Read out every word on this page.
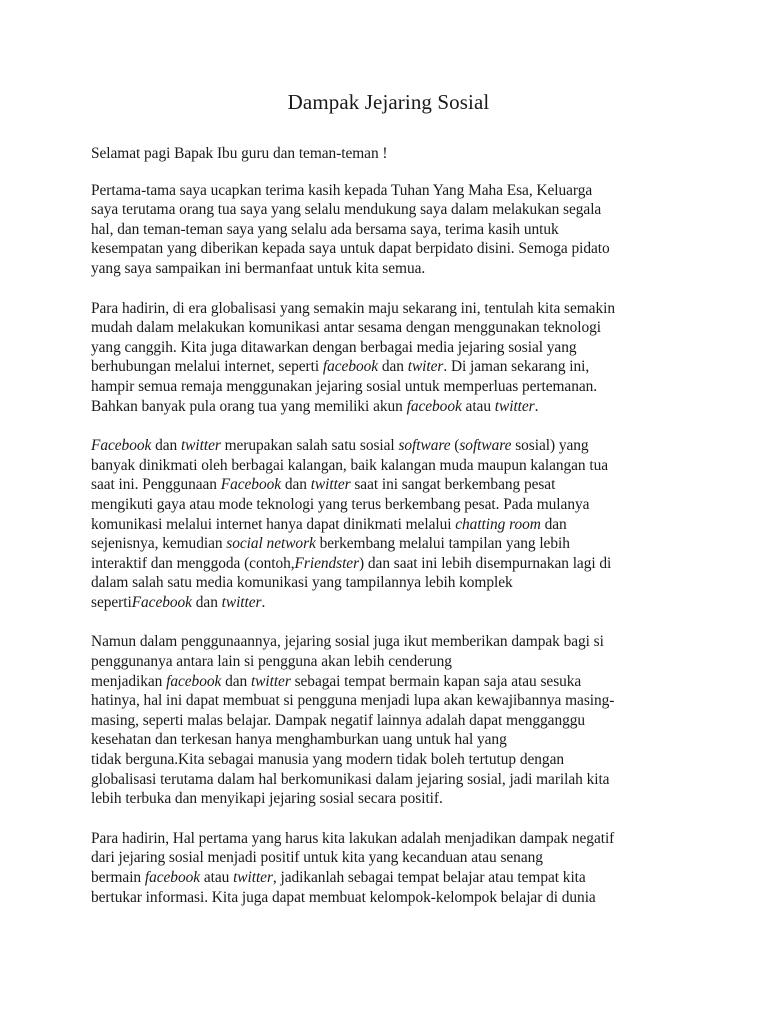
Dampak Jejaring Sosial

Selamat pagi Bapak Ibu guru dan teman-teman !

Pertama-tama saya ucapkan terima kasih kepada Tuhan Yang Maha Esa, Keluarga
saya terutama orang tua saya yang selalu mendukung saya dalam melakukan segala
hal, dan teman-teman saya yang selalu ada bersama saya, terima kasih untuk
kesempatan yang diberikan kepada saya untuk dapat berpidato disini. Semoga pidato
yang saya sampaikan ini bermanfaat untuk kita semua.

Para hadirin, di era globalisasi yang semakin maju sekarang ini, tentulah kita semakin
mudah dalam melakukan komunikasi antar sesama dengan menggunakan teknologi
yang canggih. Kita juga ditawarkan dengan berbagai media jejaring sosial yang
berhubungan melalui internet, seperti facebook dan twiter. Di jaman sekarang ini,
hampir semua remaja menggunakan jejaring sosial untuk memperluas pertemanan.
Bahkan banyak pula orang tua yang memiliki akun facebook atau twitter.

Facebook dan twitter merupakan salah satu sosial software (software sosial) yang
banyak dinikmati oleh berbagai kalangan, baik kalangan muda maupun kalangan tua
saat ini. Penggunaan Facebook dan twitter saat ini sangat berkembang pesat
mengikuti gaya atau mode teknologi yang terus berkembang pesat. Pada mulanya
komunikasi melalui internet hanya dapat dinikmati melalui chatting room dan
sejenisnya, kemudian social network berkembang melalui tampilan yang lebih
interaktif dan menggoda (contoh,Friendster) dan saat ini lebih disempurnakan lagi di
dalam salah satu media komunikasi yang tampilannya lebih komplek
sepertiFacebook dan twitter.

Namun dalam penggunaannya, jejaring sosial juga ikut memberikan dampak bagi si
penggunanya antara lain si pengguna akan lebih cenderung
menjadikan facebook dan twitter sebagai tempat bermain kapan saja atau sesuka
hatinya, hal ini dapat membuat si pengguna menjadi lupa akan kewajibannya masing-
masing, seperti malas belajar. Dampak negatif lainnya adalah dapat mengganggu
kesehatan dan terkesan hanya menghamburkan uang untuk hal yang
tidak berguna.Kita sebagai manusia yang modern tidak boleh tertutup dengan
globalisasi terutama dalam hal berkomunikasi dalam jejaring sosial, jadi marilah kita
lebih terbuka dan menyikapi jejaring sosial secara positif.

Para hadirin, Hal pertama yang harus kita lakukan adalah menjadikan dampak negatif
dari jejaring sosial menjadi positif untuk kita yang kecanduan atau senang
bermain facebook atau twitter, jadikanlah sebagai tempat belajar atau tempat kita
bertukar informasi. Kita juga dapat membuat kelompok-kelompok belajar di dunia
